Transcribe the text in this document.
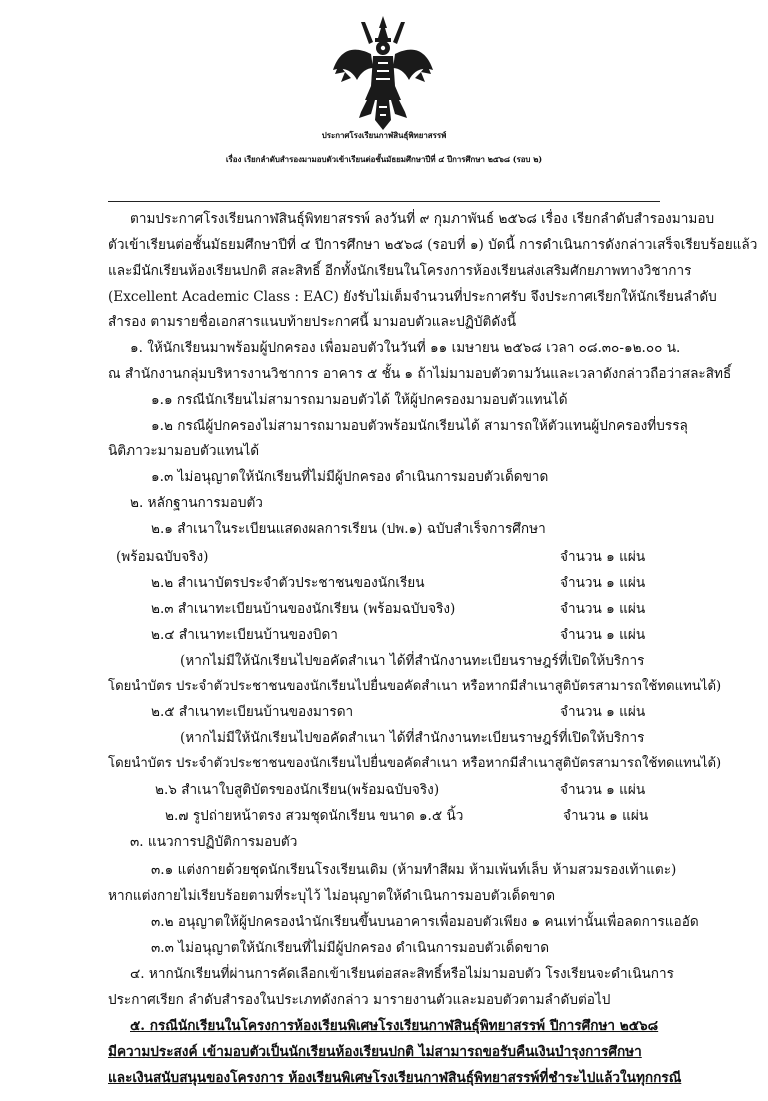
ประกาศโรงเรียนกาฬสินธุ์พิทยาสรรพ์
เรื่อง เรียกลำดับสำรองมามอบตัวเข้าเรียนต่อชั้นมัธยมศึกษาปีที่ ๔ ปีการศึกษา ๒๕๖๘ (รอบ ๒)
ตามประกาศโรงเรียนกาฬสินธุ์พิทยาสรรพ์ ลงวันที่ ๙ กุมภาพันธ์ ๒๕๖๘ เรื่อง เรียกลำดับสำรองมามอบ
ตัวเข้าเรียนต่อชั้นมัธยมศึกษาปีที่ ๔ ปีการศึกษา ๒๕๖๘ (รอบที่ ๑) บัดนี้ การดำเนินการดังกล่าวเสร็จเรียบร้อยแล้ว
และมีนักเรียนห้องเรียนปกติ สละสิทธิ์ อีกทั้งนักเรียนในโครงการห้องเรียนส่งเสริมศักยภาพทางวิชาการ
(Excellent Academic Class : EAC) ยังรับไม่เต็มจำนวนที่ประกาศรับ จึงประกาศเรียกให้นักเรียนลำดับ
สำรอง ตามรายชื่อเอกสารแนบท้ายประกาศนี้ มามอบตัวและปฏิบัติดังนี้
๑. ให้นักเรียนมาพร้อมผู้ปกครอง เพื่อมอบตัวในวันที่ ๑๑ เมษายน ๒๕๖๘ เวลา ๐๘.๓๐-๑๒.๐๐ น.
ณ สำนักงานกลุ่มบริหารงานวิชาการ อาคาร ๕ ชั้น ๑ ถ้าไม่มามอบตัวตามวันและเวลาดังกล่าวถือว่าสละสิทธิ์
๑.๑ กรณีนักเรียนไม่สามารถมามอบตัวได้ ให้ผู้ปกครองมามอบตัวแทนได้
๑.๒ กรณีผู้ปกครองไม่สามารถมามอบตัวพร้อมนักเรียนได้ สามารถให้ตัวแทนผู้ปกครองที่บรรลุ
นิติภาวะมามอบตัวแทนได้
๑.๓ ไม่อนุญาตให้นักเรียนที่ไม่มีผู้ปกครอง ดำเนินการมอบตัวเด็ดขาด
๒. หลักฐานการมอบตัว
๒.๑ สำเนาในระเบียนแสดงผลการเรียน (ปพ.๑) ฉบับสำเร็จการศึกษา
(พร้อมฉบับจริง)	จำนวน ๑ แผ่น
๒.๒ สำเนาบัตรประจำตัวประชาชนของนักเรียน	จำนวน ๑ แผ่น
๒.๓ สำเนาทะเบียนบ้านของนักเรียน (พร้อมฉบับจริง)	จำนวน ๑ แผ่น
๒.๔ สำเนาทะเบียนบ้านของบิดา	จำนวน ๑ แผ่น
(หากไม่มีให้นักเรียนไปขอคัดสำเนา ได้ที่สำนักงานทะเบียนราษฎร์ที่เปิดให้บริการ
โดยนำบัตร ประจำตัวประชาชนของนักเรียนไปยื่นขอคัดสำเนา หรือหากมีสำเนาสูติบัตรสามารถใช้ทดแทนได้)
๒.๕ สำเนาทะเบียนบ้านของมารดา	จำนวน ๑ แผ่น
(หากไม่มีให้นักเรียนไปขอคัดสำเนา ได้ที่สำนักงานทะเบียนราษฎร์ที่เปิดให้บริการ
โดยนำบัตร ประจำตัวประชาชนของนักเรียนไปยื่นขอคัดสำเนา หรือหากมีสำเนาสูติบัตรสามารถใช้ทดแทนได้)
๒.๖ สำเนาใบสูติบัตรของนักเรียน(พร้อมฉบับจริง)	จำนวน ๑ แผ่น
๒.๗ รูปถ่ายหน้าตรง สวมชุดนักเรียน ขนาด ๑.๕ นิ้ว	จำนวน ๑ แผ่น
๓. แนวการปฏิบัติการมอบตัว
๓.๑ แต่งกายด้วยชุดนักเรียนโรงเรียนเดิม (ห้ามทำสีผม ห้ามเพ้นท์เล็บ ห้ามสวมรองเท้าแตะ)
หากแต่งกายไม่เรียบร้อยตามที่ระบุไว้ ไม่อนุญาตให้ดำเนินการมอบตัวเด็ดขาด
๓.๒ อนุญาตให้ผู้ปกครองนำนักเรียนขึ้นบนอาคารเพื่อมอบตัวเพียง ๑ คนเท่านั้นเพื่อลดการแออัด
๓.๓ ไม่อนุญาตให้นักเรียนที่ไม่มีผู้ปกครอง ดำเนินการมอบตัวเด็ดขาด
๔. หากนักเรียนที่ผ่านการคัดเลือกเข้าเรียนต่อสละสิทธิ์หรือไม่มามอบตัว โรงเรียนจะดำเนินการ
ประกาศเรียก ลำดับสำรองในประเภทดังกล่าว มารายงานตัวและมอบตัวตามลำดับต่อไป
๕. กรณีนักเรียนในโครงการห้องเรียนพิเศษโรงเรียนกาฬสินธุ์พิทยาสรรพ์ ปีการศึกษา ๒๕๖๘
มีความประสงค์ เข้ามอบตัวเป็นนักเรียนห้องเรียนปกติ ไม่สามารถขอรับคืนเงินบำรุงการศึกษา
และเงินสนับสนุนของโครงการ ห้องเรียนพิเศษโรงเรียนกาฬสินธุ์พิทยาสรรพ์ที่ชำระไปแล้วในทุกกรณี
